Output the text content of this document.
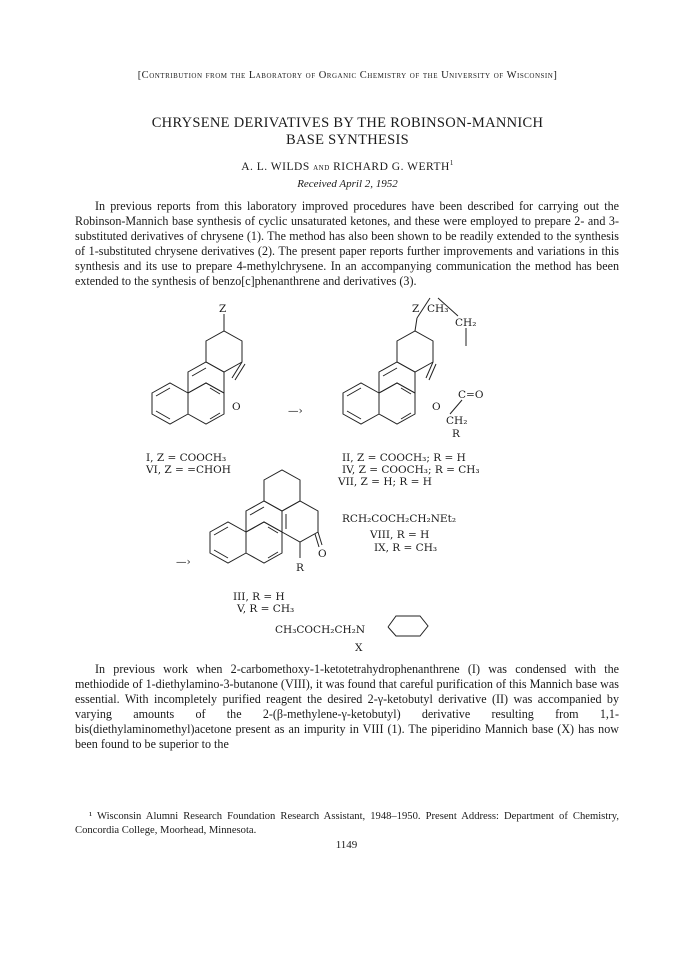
[Contribution from the Laboratory of Organic Chemistry of the University of Wisconsin]
CHRYSENE DERIVATIVES BY THE ROBINSON-MANNICH
BASE SYNTHESIS
A. L. WILDS and RICHARD G. WERTH$^1$
Received April 2, 1952

In previous reports from this laboratory improved procedures have been described for carrying out the Robinson-Mannich base synthesis of cyclic unsaturated ketones, and these were employed to prepare 2- and 3-substituted derivatives of chrysene (1). The method has also been shown to be readily extended to the synthesis of 1-substituted chrysene derivatives (2). The present paper reports further improvements and variations in this synthesis and its use to prepare 4-methylchrysene. In an accompanying communication the method has been extended to the synthesis of benzo[c]phenanthrene and derivatives (3).

Z
O	—›
I, Z = COOCH₃
VI, Z = =CHOH
Z CH₃
CH₂
C=O
O
CH₂
R
II, Z = COOCH₃; R = H
IV, Z = COOCH₃; R = CH₃
VII, Z = H; R = H
O
R
—›
III, R = H
V, R = CH₃
RCH₂COCH₂CH₂NEt₂
VIII, R = H
IX, R = CH₃
CH₃COCH₂CH₂N
X

In previous work when 2-carbomethoxy-1-ketotetrahydrophenanthrene (I) was condensed with the methiodide of 1-diethylamino-3-butanone (VIII), it was found that careful purification of this Mannich base was essential. With incompletely purified reagent the desired 2-γ-ketobutyl derivative (II) was accompanied by varying amounts of the 2-(β-methylene-γ-ketobutyl) derivative resulting from 1,1-bis(diethylaminomethyl)acetone present as an impurity in VIII (1). The piperidino Mannich base (X) has now been found to be superior to the

¹ Wisconsin Alumni Research Foundation Research Assistant, 1948–1950. Present Address: Department of Chemistry, Concordia College, Moorhead, Minnesota.
1149
